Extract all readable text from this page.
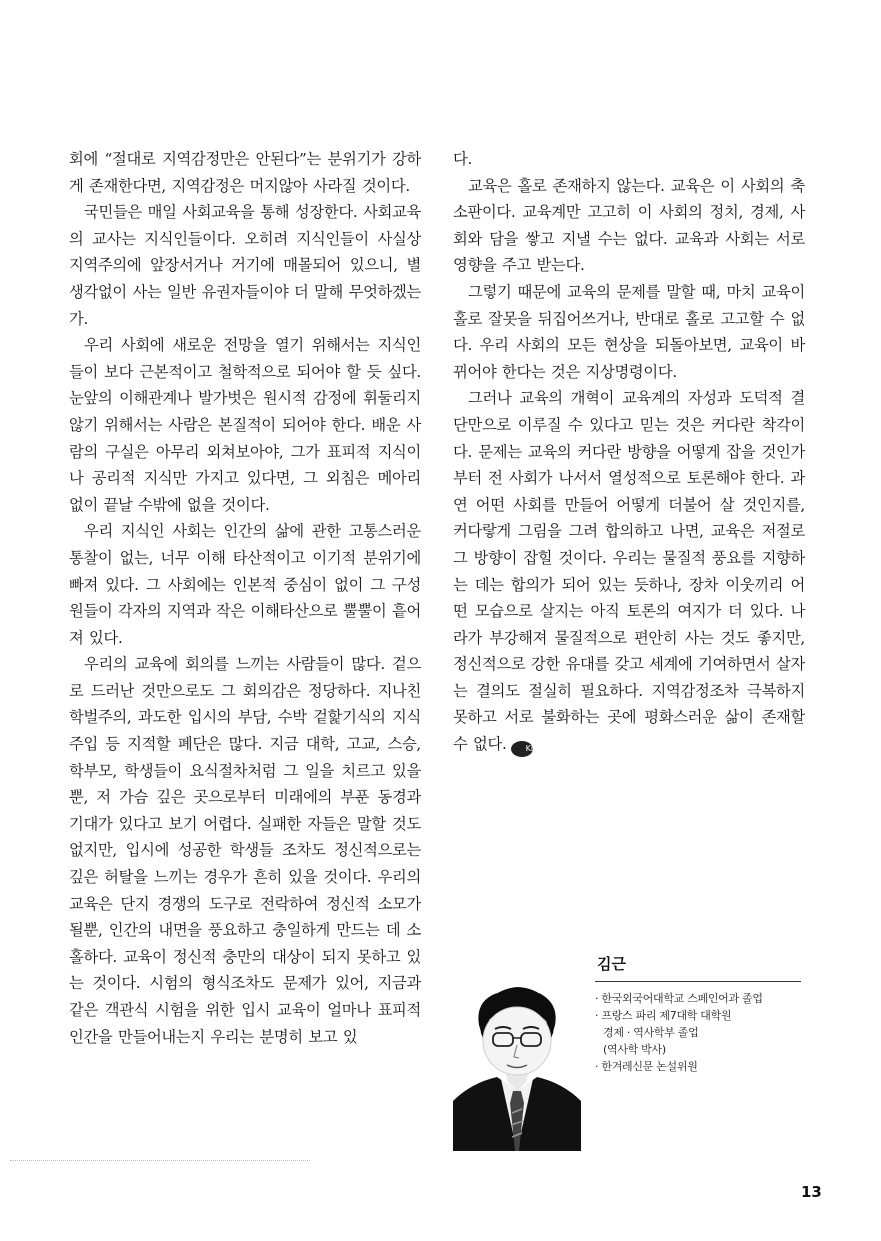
회에 “절대로 지역감정만은 안된다”는 분위기가 강하게 존재한다면, 지역감정은 머지않아 사라질 것이다.

국민들은 매일 사회교육을 통해 성장한다. 사회교육의 교사는 지식인들이다. 오히려 지식인들이 사실상 지역주의에 앞장서거나 거기에 매몰되어 있으니, 별 생각없이 사는 일반 유권자들이야 더 말해 무엇하겠는가.

우리 사회에 새로운 전망을 열기 위해서는 지식인들이 보다 근본적이고 철학적으로 되어야 할 듯 싶다. 눈앞의 이해관계나 발가벗은 원시적 감정에 휘둘리지 않기 위해서는 사람은 본질적이 되어야 한다. 배운 사람의 구실은 아무리 외쳐보아야, 그가 표피적 지식이나 공리적 지식만 가지고 있다면, 그 외침은 메아리 없이 끝날 수밖에 없을 것이다.

우리 지식인 사회는 인간의 삶에 관한 고통스러운 통찰이 없는, 너무 이해 타산적이고 이기적 분위기에 빠져 있다. 그 사회에는 인본적 중심이 없이 그 구성원들이 각자의 지역과 작은 이해타산으로 뿔뿔이 흩어져 있다.

우리의 교육에 회의를 느끼는 사람들이 많다. 겉으로 드러난 것만으로도 그 회의감은 정당하다. 지나친 학벌주의, 과도한 입시의 부담, 수박 겉핥기식의 지식주입 등 지적할 폐단은 많다. 지금 대학, 고교, 스승, 학부모, 학생들이 요식절차처럼 그 일을 치르고 있을뿐, 저 가슴 깊은 곳으로부터 미래에의 부푼 동경과 기대가 있다고 보기 어렵다. 실패한 자들은 말할 것도 없지만, 입시에 성공한 학생들 조차도 정신적으로는 깊은 허탈을 느끼는 경우가 흔히 있을 것이다. 우리의 교육은 단지 경쟁의 도구로 전락하여 정신적 소모가 될뿐, 인간의 내면을 풍요하고 충일하게 만드는 데 소홀하다. 교육이 정신적 충만의 대상이 되지 못하고 있는 것이다. 시험의 형식조차도 문제가 있어, 지금과 같은 객관식 시험을 위한 입시 교육이 얼마나 표피적 인간을 만들어내는지 우리는 분명히 보고 있

다.

교육은 홀로 존재하지 않는다. 교육은 이 사회의 축소판이다. 교육계만 고고히 이 사회의 정치, 경제, 사회와 담을 쌓고 지낼 수는 없다. 교육과 사회는 서로 영향을 주고 받는다.

그렇기 때문에 교육의 문제를 말할 때, 마치 교육이 홀로 잘못을 뒤집어쓰거나, 반대로 홀로 고고할 수 없다. 우리 사회의 모든 현상을 되돌아보면, 교육이 바뀌어야 한다는 것은 지상명령이다.

그러나 교육의 개혁이 교육계의 자성과 도덕적 결단만으로 이루질 수 있다고 믿는 것은 커다란 착각이다. 문제는 교육의 커다란 방향을 어떻게 잡을 것인가부터 전 사회가 나서서 열성적으로 토론해야 한다. 과연 어떤 사회를 만들어 어떻게 더불어 살 것인지를, 커다랗게 그림을 그려 합의하고 나면, 교육은 저절로 그 방향이 잡힐 것이다. 우리는 물질적 풍요를 지향하는 데는 합의가 되어 있는 듯하나, 장차 이웃끼리 어떤 모습으로 살지는 아직 토론의 여지가 더 있다. 나라가 부강해져 물질적으로 편안히 사는 것도 좋지만, 정신적으로 강한 유대를 갖고 세계에 기여하면서 살자는 결의도 절실히 필요하다. 지역감정조차 극복하지 못하고 서로 불화하는 곳에 평화스러운 삶이 존재할 수 없다. KEDI

김근
· 한국외국어대학교 스페인어과 졸업
· 프랑스 파리 제7대학 대학원
경제 · 역사학부 졸업
(역사학 박사)
· 한겨레신문 논설위원
13
